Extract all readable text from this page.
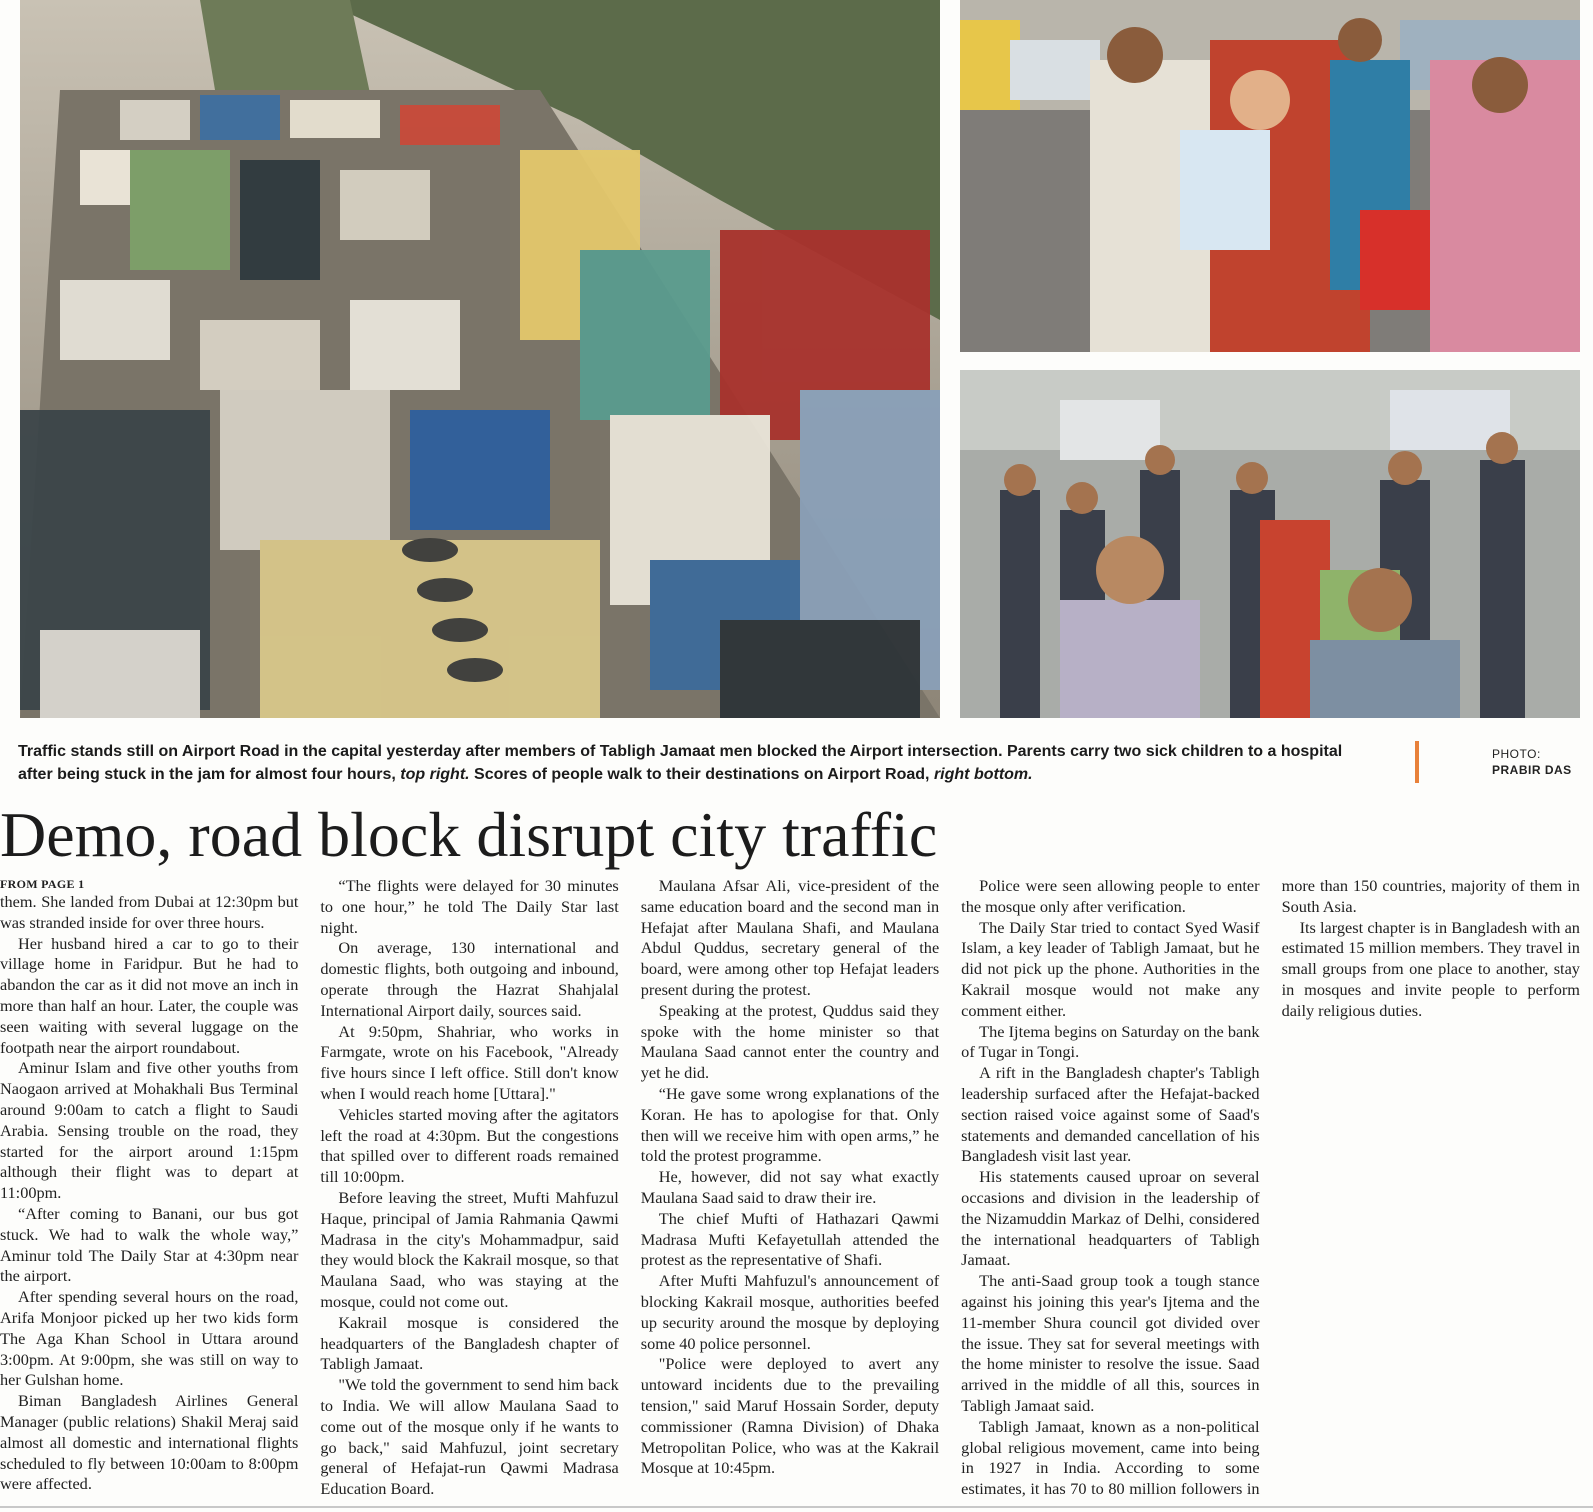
Traffic stands still on Airport Road in the capital yesterday after members of Tabligh Jamaat men blocked the Airport intersection. Parents carry two sick children to a hospital after being stuck in the jam for almost four hours, top right. Scores of people walk to their destinations on Airport Road, right bottom.
PHOTO:
PRABIR DAS
Demo, road block disrupt city traffic
FROM PAGE 1

them. She landed from Dubai at 12:30pm but was stranded inside for over three hours.

Her husband hired a car to go to their village home in Faridpur. But he had to abandon the car as it did not move an inch in more than half an hour. Later, the couple was seen waiting with several luggage on the footpath near the airport roundabout.

Aminur Islam and five other youths from Naogaon arrived at Mohakhali Bus Terminal around 9:00am to catch a flight to Saudi Arabia. Sensing trouble on the road, they started for the airport around 1:15pm although their flight was to depart at 11:00pm.

“After coming to Banani, our bus got stuck. We had to walk the whole way,” Aminur told The Daily Star at 4:30pm near the airport.

After spending several hours on the road, Arifa Monjoor picked up her two kids form The Aga Khan School in Uttara around 3:00pm. At 9:00pm, she was still on way to her Gulshan home.

Biman Bangladesh Airlines General Manager (public relations) Shakil Meraj said almost all domestic and international flights scheduled to fly between 10:00am to 8:00pm were affected.

“The flights were delayed for 30 minutes to one hour,” he told The Daily Star last night.

On average, 130 international and domestic flights, both outgoing and inbound, operate through the Hazrat Shahjalal International Airport daily, sources said.

At 9:50pm, Shahriar, who works in Farmgate, wrote on his Facebook, "Already five hours since I left office. Still don't know when I would reach home [Uttara]."

Vehicles started moving after the agitators left the road at 4:30pm. But the congestions that spilled over to different roads remained till 10:00pm.

Before leaving the street, Mufti Mahfuzul Haque, principal of Jamia Rahmania Qawmi Madrasa in the city's Mohammadpur, said they would block the Kakrail mosque, so that Maulana Saad, who was staying at the mosque, could not come out.

Kakrail mosque is considered the headquarters of the Bangladesh chapter of Tabligh Jamaat.

"We told the government to send him back to India. We will allow Maulana Saad to come out of the mosque only if he wants to go back," said Mahfuzul, joint secretary general of Hefajat-run Qawmi Madrasa Education Board.

Maulana Afsar Ali, vice-president of the same education board and the second man in Hefajat after Maulana Shafi, and Maulana Abdul Quddus, secretary general of the board, were among other top Hefajat leaders present during the protest.

Speaking at the protest, Quddus said they spoke with the home minister so that Maulana Saad cannot enter the country and yet he did.

“He gave some wrong explanations of the Koran. He has to apologise for that. Only then will we receive him with open arms,” he told the protest programme.

He, however, did not say what exactly Maulana Saad said to draw their ire.

The chief Mufti of Hathazari Qawmi Madrasa Mufti Kefayetullah attended the protest as the representative of Shafi.

After Mufti Mahfuzul's announcement of blocking Kakrail mosque, authorities beefed up security around the mosque by deploying some 40 police personnel.

"Police were deployed to avert any untoward incidents due to the prevailing tension," said Maruf Hossain Sorder, deputy commissioner (Ramna Division) of Dhaka Metropolitan Police, who was at the Kakrail Mosque at 10:45pm.

Police were seen allowing people to enter the mosque only after verification.

The Daily Star tried to contact Syed Wasif Islam, a key leader of Tabligh Jamaat, but he did not pick up the phone. Authorities in the Kakrail mosque would not make any comment either.

The Ijtema begins on Saturday on the bank of Tugar in Tongi.

A rift in the Bangladesh chapter's Tabligh leadership surfaced after the Hefajat-backed section raised voice against some of Saad's statements and demanded cancellation of his Bangladesh visit last year.

His statements caused uproar on several occasions and division in the leadership of the Nizamuddin Markaz of Delhi, considered the international headquarters of Tabligh Jamaat.

The anti-Saad group took a tough stance against his joining this year's Ijtema and the 11-member Shura council got divided over the issue. They sat for several meetings with the home minister to resolve the issue. Saad arrived in the middle of all this, sources in Tabligh Jamaat said.

Tabligh Jamaat, known as a non-political global religious movement, came into being in 1927 in India. According to some estimates, it has 70 to 80 million followers in more than 150 countries, majority of them in South Asia.

Its largest chapter is in Bangladesh with an estimated 15 million members. They travel in small groups from one place to another, stay in mosques and invite people to perform daily religious duties.
